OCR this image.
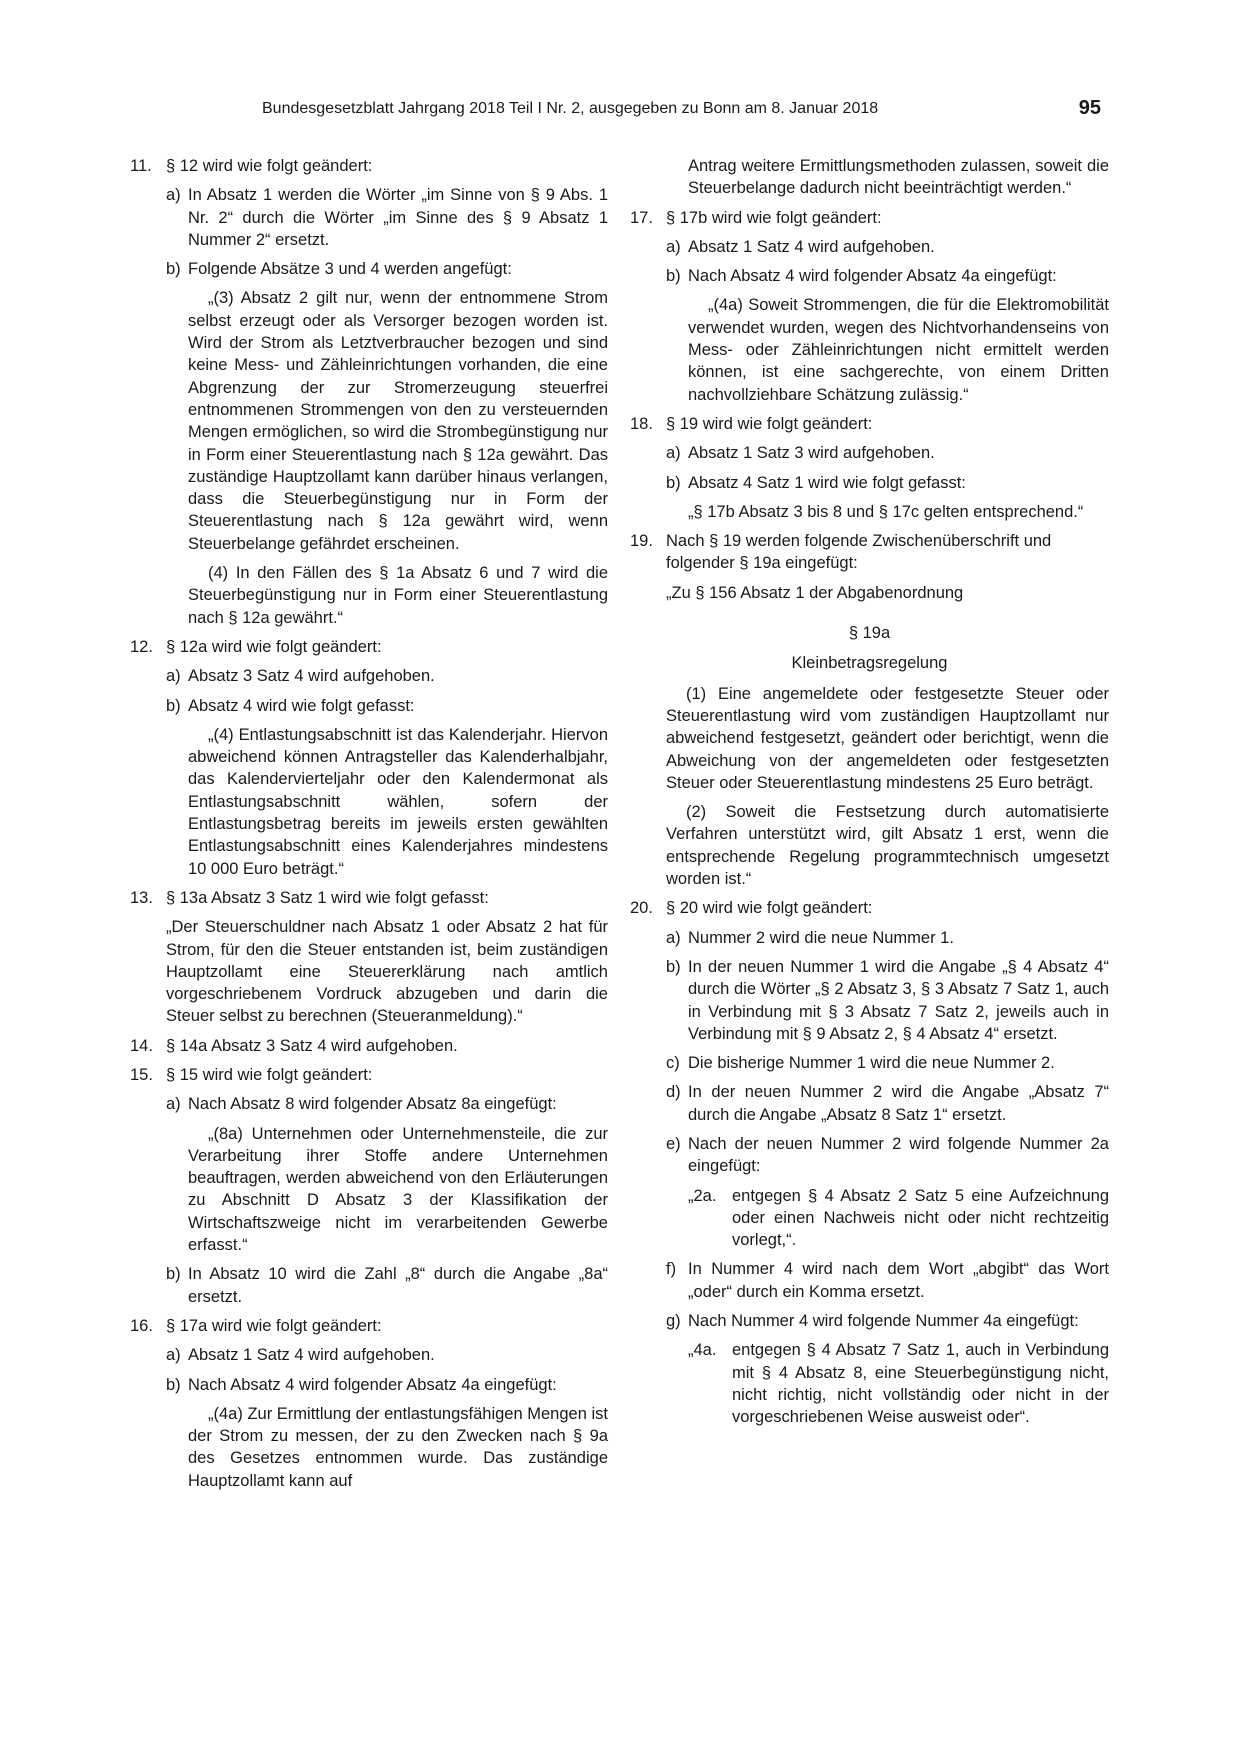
Bundesgesetzblatt Jahrgang 2018 Teil I Nr. 2, ausgegeben zu Bonn am 8. Januar 2018	95
11. § 12 wird wie folgt geändert:
a) In Absatz 1 werden die Wörter „im Sinne von § 9 Abs. 1 Nr. 2“ durch die Wörter „im Sinne des § 9 Absatz 1 Nummer 2“ ersetzt.
b) Folgende Absätze 3 und 4 werden angefügt:

„(3) Absatz 2 gilt nur, wenn der entnommene Strom selbst erzeugt oder als Versorger bezogen worden ist. Wird der Strom als Letztverbraucher bezogen und sind keine Mess- und Zähleinrichtungen vorhanden, die eine Abgrenzung der zur Stromerzeugung steuerfrei entnommenen Strommengen von den zu versteuernden Mengen ermöglichen, so wird die Strombegünstigung nur in Form einer Steuerentlastung nach § 12a gewährt. Das zuständige Hauptzollamt kann darüber hinaus verlangen, dass die Steuerbegünstigung nur in Form der Steuerentlastung nach § 12a gewährt wird, wenn Steuerbelange gefährdet erscheinen.

(4) In den Fällen des § 1a Absatz 6 und 7 wird die Steuerbegünstigung nur in Form einer Steuerentlastung nach § 12a gewährt.“

12. § 12a wird wie folgt geändert:
a) Absatz 3 Satz 4 wird aufgehoben.
b) Absatz 4 wird wie folgt gefasst:

„(4) Entlastungsabschnitt ist das Kalenderjahr. Hiervon abweichend können Antragsteller das Kalenderhalbjahr, das Kalendervierteljahr oder den Kalendermonat als Entlastungsabschnitt wählen, sofern der Entlastungsbetrag bereits im jeweils ersten gewählten Entlastungsabschnitt eines Kalenderjahres mindestens 10 000 Euro beträgt.“

13. § 13a Absatz 3 Satz 1 wird wie folgt gefasst:

„Der Steuerschuldner nach Absatz 1 oder Absatz 2 hat für Strom, für den die Steuer entstanden ist, beim zuständigen Hauptzollamt eine Steuererklärung nach amtlich vorgeschriebenem Vordruck abzugeben und darin die Steuer selbst zu berechnen (Steueranmeldung).“

14. § 14a Absatz 3 Satz 4 wird aufgehoben.
15. § 15 wird wie folgt geändert:
a) Nach Absatz 8 wird folgender Absatz 8a eingefügt:

„(8a) Unternehmen oder Unternehmensteile, die zur Verarbeitung ihrer Stoffe andere Unternehmen beauftragen, werden abweichend von den Erläuterungen zu Abschnitt D Absatz 3 der Klassifikation der Wirtschaftszweige nicht im verarbeitenden Gewerbe erfasst.“

b) In Absatz 10 wird die Zahl „8“ durch die Angabe „8a“ ersetzt.
16. § 17a wird wie folgt geändert:
a) Absatz 1 Satz 4 wird aufgehoben.
b) Nach Absatz 4 wird folgender Absatz 4a eingefügt:

„(4a) Zur Ermittlung der entlastungsfähigen Mengen ist der Strom zu messen, der zu den Zwecken nach § 9a des Gesetzes entnommen wurde. Das zuständige Hauptzollamt kann auf

Antrag weitere Ermittlungsmethoden zulassen, soweit die Steuerbelange dadurch nicht beeinträchtigt werden.“

17. § 17b wird wie folgt geändert:
a) Absatz 1 Satz 4 wird aufgehoben.
b) Nach Absatz 4 wird folgender Absatz 4a eingefügt:

„(4a) Soweit Strommengen, die für die Elektromobilität verwendet wurden, wegen des Nichtvorhandenseins von Mess- oder Zähleinrichtungen nicht ermittelt werden können, ist eine sachgerechte, von einem Dritten nachvollziehbare Schätzung zulässig.“

18. § 19 wird wie folgt geändert:
a) Absatz 1 Satz 3 wird aufgehoben.
b) Absatz 4 Satz 1 wird wie folgt gefasst:

„§ 17b Absatz 3 bis 8 und § 17c gelten entsprechend.“

19. Nach § 19 werden folgende Zwischenüberschrift und folgender § 19a eingefügt:

„Zu § 156 Absatz 1 der Abgabenordnung

§ 19a

Kleinbetragsregelung

(1) Eine angemeldete oder festgesetzte Steuer oder Steuerentlastung wird vom zuständigen Hauptzollamt nur abweichend festgesetzt, geändert oder berichtigt, wenn die Abweichung von der angemeldeten oder festgesetzten Steuer oder Steuerentlastung mindestens 25 Euro beträgt.

(2) Soweit die Festsetzung durch automatisierte Verfahren unterstützt wird, gilt Absatz 1 erst, wenn die entsprechende Regelung programmtechnisch umgesetzt worden ist.“

20. § 20 wird wie folgt geändert:
a) Nummer 2 wird die neue Nummer 1.
b) In der neuen Nummer 1 wird die Angabe „§ 4 Absatz 4“ durch die Wörter „§ 2 Absatz 3, § 3 Absatz 7 Satz 1, auch in Verbindung mit § 3 Absatz 7 Satz 2, jeweils auch in Verbindung mit § 9 Absatz 2, § 4 Absatz 4“ ersetzt.
c) Die bisherige Nummer 1 wird die neue Nummer 2.
d) In der neuen Nummer 2 wird die Angabe „Absatz 7“ durch die Angabe „Absatz 8 Satz 1“ ersetzt.
e) Nach der neuen Nummer 2 wird folgende Nummer 2a eingefügt:
„2a. entgegen § 4 Absatz 2 Satz 5 eine Aufzeichnung oder einen Nachweis nicht oder nicht rechtzeitig vorlegt,“.
f) In Nummer 4 wird nach dem Wort „abgibt“ das Wort „oder“ durch ein Komma ersetzt.
g) Nach Nummer 4 wird folgende Nummer 4a eingefügt:
„4a. entgegen § 4 Absatz 7 Satz 1, auch in Verbindung mit § 4 Absatz 8, eine Steuerbegünstigung nicht, nicht richtig, nicht vollständig oder nicht in der vorgeschriebenen Weise ausweist oder“.
